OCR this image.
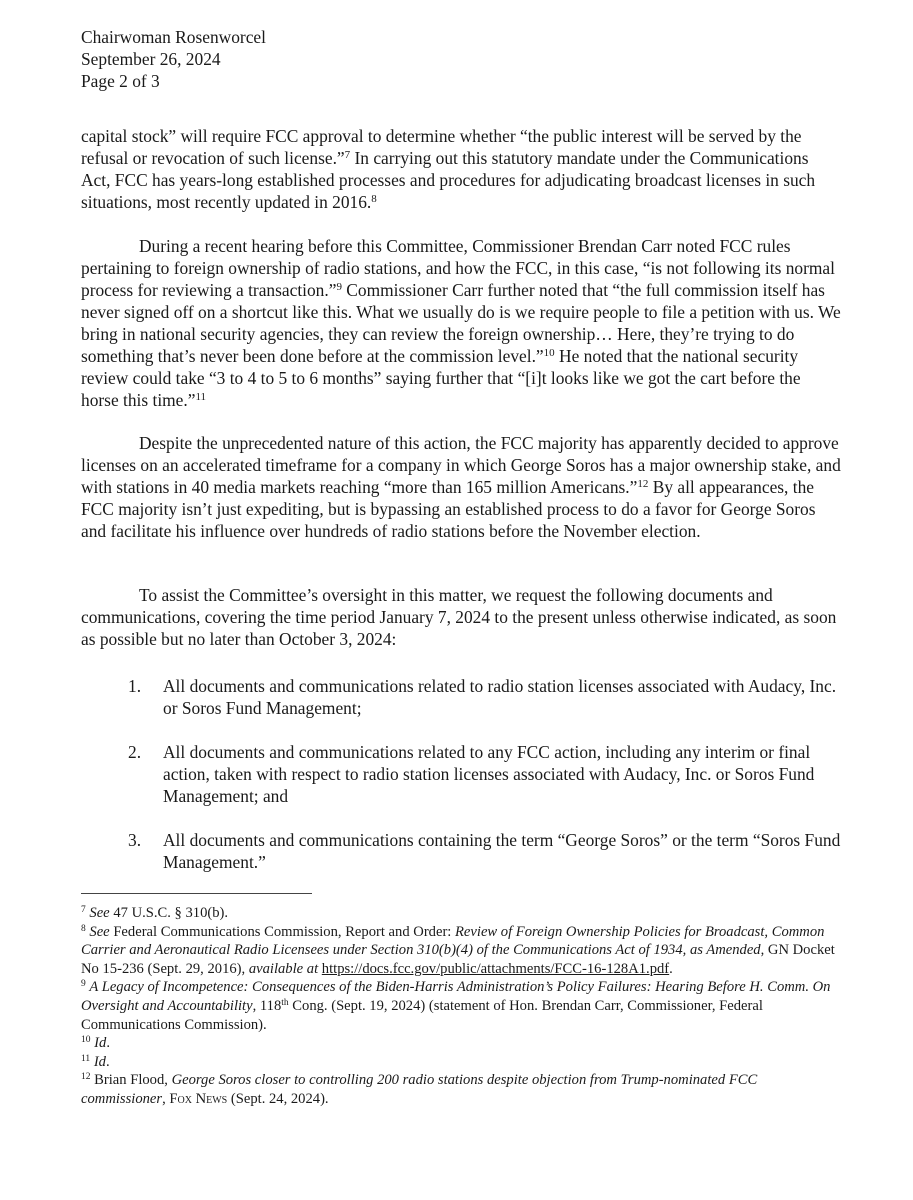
Chairwoman Rosenworcel
September 26, 2024
Page 2 of 3

capital stock” will require FCC approval to determine whether “the public interest will be served by the refusal or revocation of such license.”$^7$ In carrying out this statutory mandate under the Communications Act, FCC has years-long established processes and procedures for adjudicating broadcast licenses in such situations, most recently updated in 2016.$^8$

During a recent hearing before this Committee, Commissioner Brendan Carr noted FCC rules pertaining to foreign ownership of radio stations, and how the FCC, in this case, “is not following its normal process for reviewing a transaction.”$^9$ Commissioner Carr further noted that “the full commission itself has never signed off on a shortcut like this. What we usually do is we require people to file a petition with us. We bring in national security agencies, they can review the foreign ownership… Here, they’re trying to do something that’s never been done before at the commission level.”$^{10}$ He noted that the national security review could take “3 to 4 to 5 to 6 months” saying further that “[i]t looks like we got the cart before the horse this time.”$^{11}$

Despite the unprecedented nature of this action, the FCC majority has apparently decided to approve licenses on an accelerated timeframe for a company in which George Soros has a major ownership stake, and with stations in 40 media markets reaching “more than 165 million Americans.”$^{12}$ By all appearances, the FCC majority isn’t just expediting, but is bypassing an established process to do a favor for George Soros and facilitate his influence over hundreds of radio stations before the November election.

To assist the Committee’s oversight in this matter, we request the following documents and communications, covering the time period January 7, 2024 to the present unless otherwise indicated, as soon as possible but no later than October 3, 2024:

1. All documents and communications related to radio station licenses associated with Audacy, Inc. or Soros Fund Management;
2. All documents and communications related to any FCC action, including any interim or final action, taken with respect to radio station licenses associated with Audacy, Inc. or Soros Fund Management; and
3. All documents and communications containing the term “George Soros” or the term “Soros Fund Management.”
$^7$ See 47 U.S.C. § 310(b).
$^8$ See Federal Communications Commission, Report and Order: Review of Foreign Ownership Policies for Broadcast, Common Carrier and Aeronautical Radio Licensees under Section 310(b)(4) of the Communications Act of 1934, as Amended, GN Docket No 15-236 (Sept. 29, 2016), available at https://docs.fcc.gov/public/attachments/FCC-16-128A1.pdf.
$^9$ A Legacy of Incompetence: Consequences of the Biden-Harris Administration’s Policy Failures: Hearing Before H. Comm. On Oversight and Accountability, 118th Cong. (Sept. 19, 2024) (statement of Hon. Brendan Carr, Commissioner, Federal Communications Commission).
$^{10}$ Id.
$^{11}$ Id.
$^{12}$ Brian Flood, George Soros closer to controlling 200 radio stations despite objection from Trump-nominated FCC commissioner, Fox News (Sept. 24, 2024).
